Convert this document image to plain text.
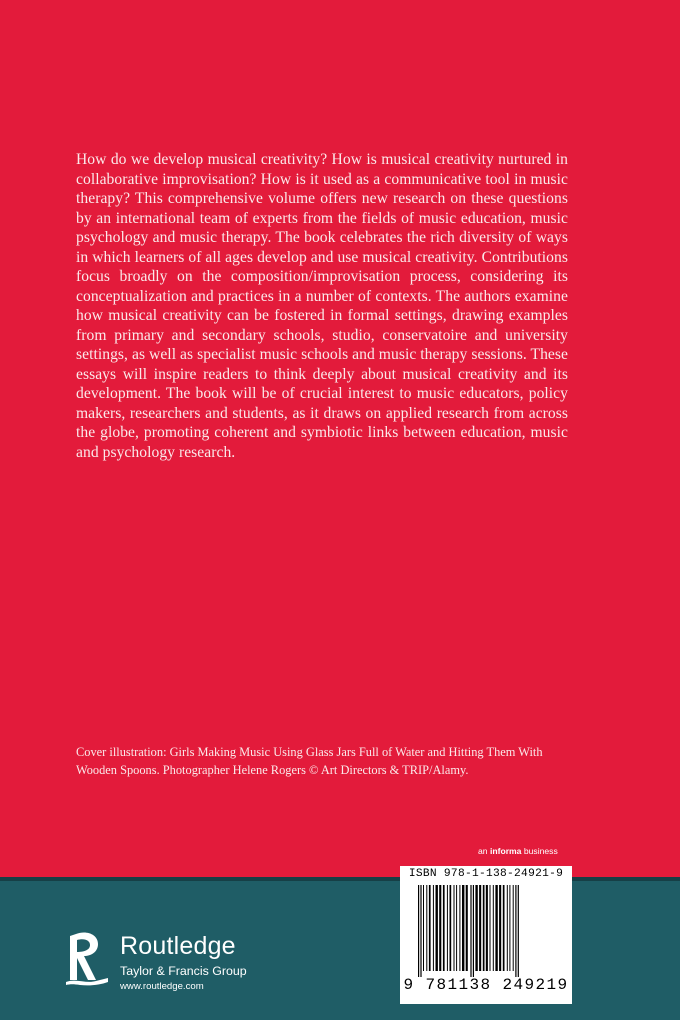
How do we develop musical creativity? How is musical creativity nurtured in collaborative improvisation? How is it used as a communicative tool in music therapy? This comprehensive volume offers new research on these questions by an international team of experts from the fields of music education, music psychology and music therapy. The book celebrates the rich diversity of ways in which learners of all ages develop and use musical creativity. Contributions focus broadly on the composition/improvisation process, considering its conceptualization and practices in a number of contexts. The authors examine how musical creativity can be fostered in formal settings, drawing examples from primary and secondary schools, studio, conservatoire and university settings, as well as specialist music schools and music therapy sessions. These essays will inspire readers to think deeply about musical creativity and its development. The book will be of crucial interest to music educators, policy makers, researchers and students, as it draws on applied research from across the globe, promoting coherent and symbiotic links between education, music and psychology research.

Cover illustration: Girls Making Music Using Glass Jars Full of Water and Hitting Them With Wooden Spoons. Photographer Helene Rogers © Art Directors & TRIP/Alamy.

an informa business
Routledge
Taylor & Francis Group
www.routledge.com
ISBN 978-1-138-24921-9
9 781138 249219
